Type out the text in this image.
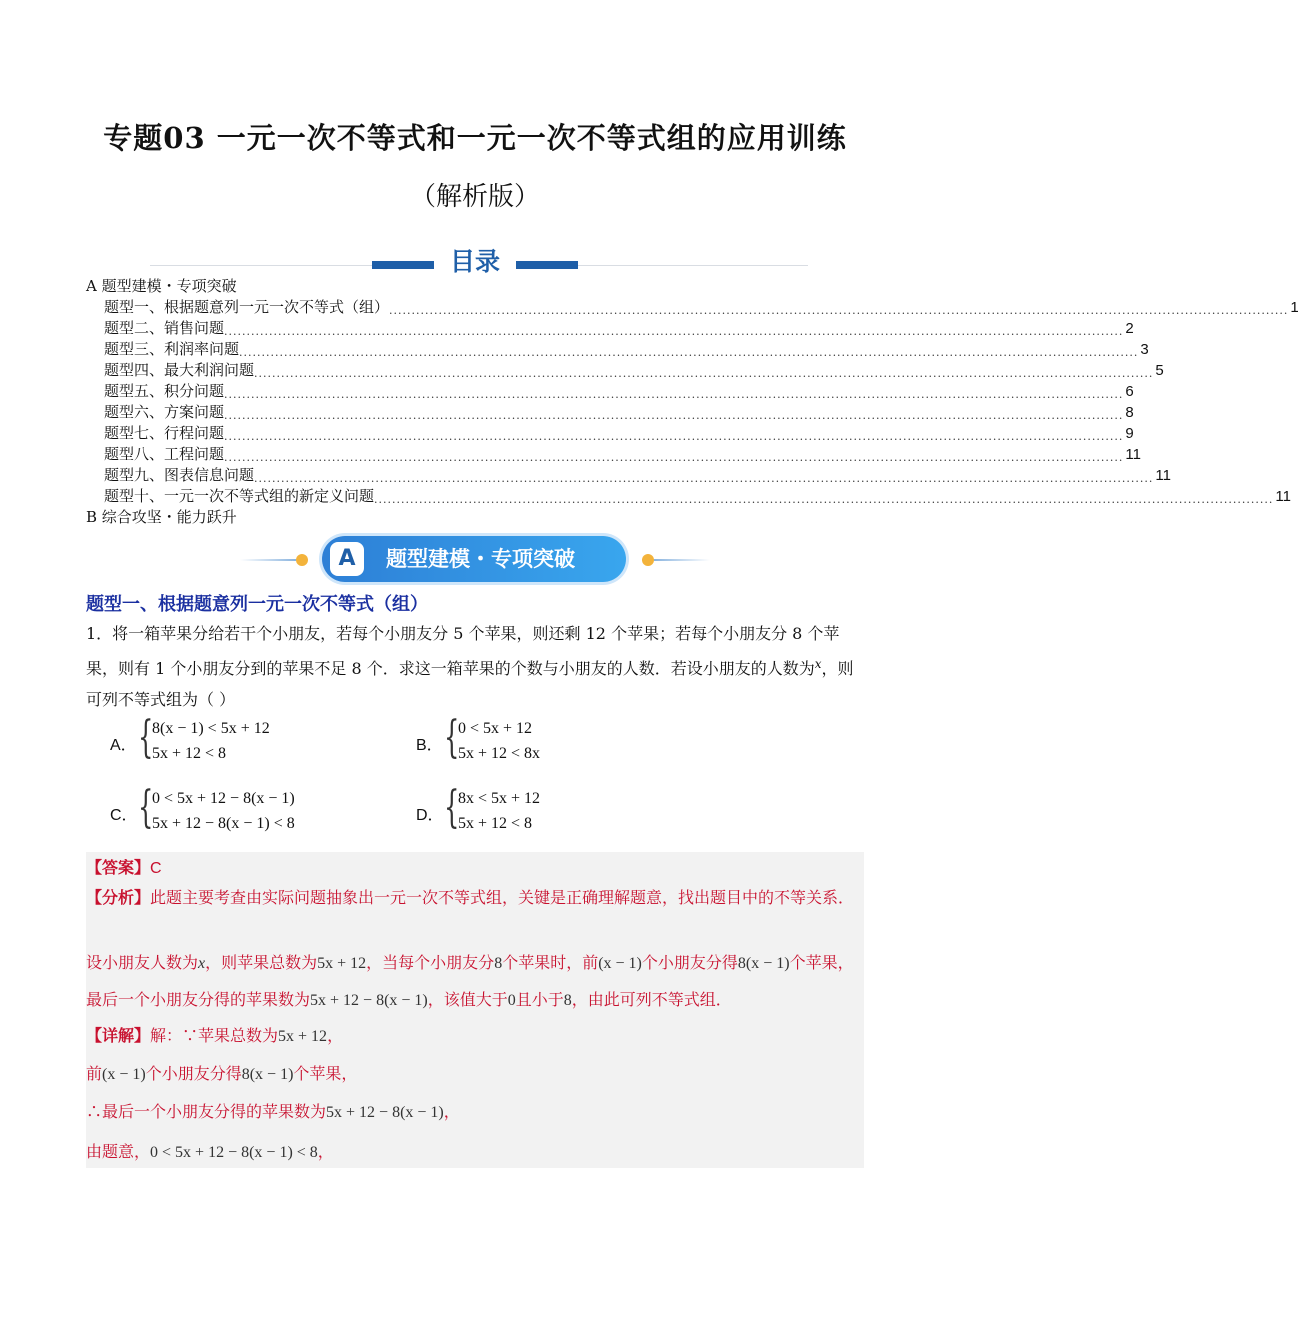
专题03 一元一次不等式和一元一次不等式组的应用训练
（解析版）
目录
A 题型建模・专项突破
题型一、根据题意列一元一次不等式（组） ........................................................................................................................................................................................................ 1
题型二、销售问题 ........................................................................................................................................................................................................ 2
题型三、利润率问题 ........................................................................................................................................................................................................ 3
题型四、最大利润问题 ........................................................................................................................................................................................................ 5
题型五、积分问题 ........................................................................................................................................................................................................ 6
题型六、方案问题 ........................................................................................................................................................................................................ 8
题型七、行程问题 ........................................................................................................................................................................................................ 9
题型八、工程问题 ........................................................................................................................................................................................................ 11
题型九、图表信息问题 ........................................................................................................................................................................................................ 11
题型十、一元一次不等式组的新定义问题 ........................................................................................................................................................................................................ 11
B 综合攻坚・能力跃升
A	题型建模・专项突破
题型一、根据题意列一元一次不等式（组）
1．将一箱苹果分给若干个小朋友，若每个小朋友分 5 个苹果，则还剩 12 个苹果；若每个小朋友分 8 个苹果，则有 1 个小朋友分到的苹果不足 8 个．求这一箱苹果的个数与小朋友的人数．若设小朋友的人数为$^x$，则可列不等式组为（ ）
A． {
8(x − 1) < 5x + 12
5x + 12 < 8	B． {
0 < 5x + 12
5x + 12 < 8x
C． {
0 < 5x + 12 − 8(x − 1)
5x + 12 − 8(x − 1) < 8	D． {
8x < 5x + 12
5x + 12 < 8
【答案】C
【分析】此题主要考查由实际问题抽象出一元一次不等式组，关键是正确理解题意，找出题目中的不等关系．
设小朋友人数为x，则苹果总数为5x + 12，当每个小朋友分8个苹果时，前(x − 1)个小朋友分得8(x − 1)个苹果，最后一个小朋友分得的苹果数为5x + 12 − 8(x − 1)，该值大于0且小于8，由此可列不等式组．
【详解】解：∵苹果总数为5x + 12，
前(x − 1)个小朋友分得8(x − 1)个苹果，
∴最后一个小朋友分得的苹果数为5x + 12 − 8(x − 1)，
由题意，0 < 5x + 12 − 8(x − 1) < 8，
